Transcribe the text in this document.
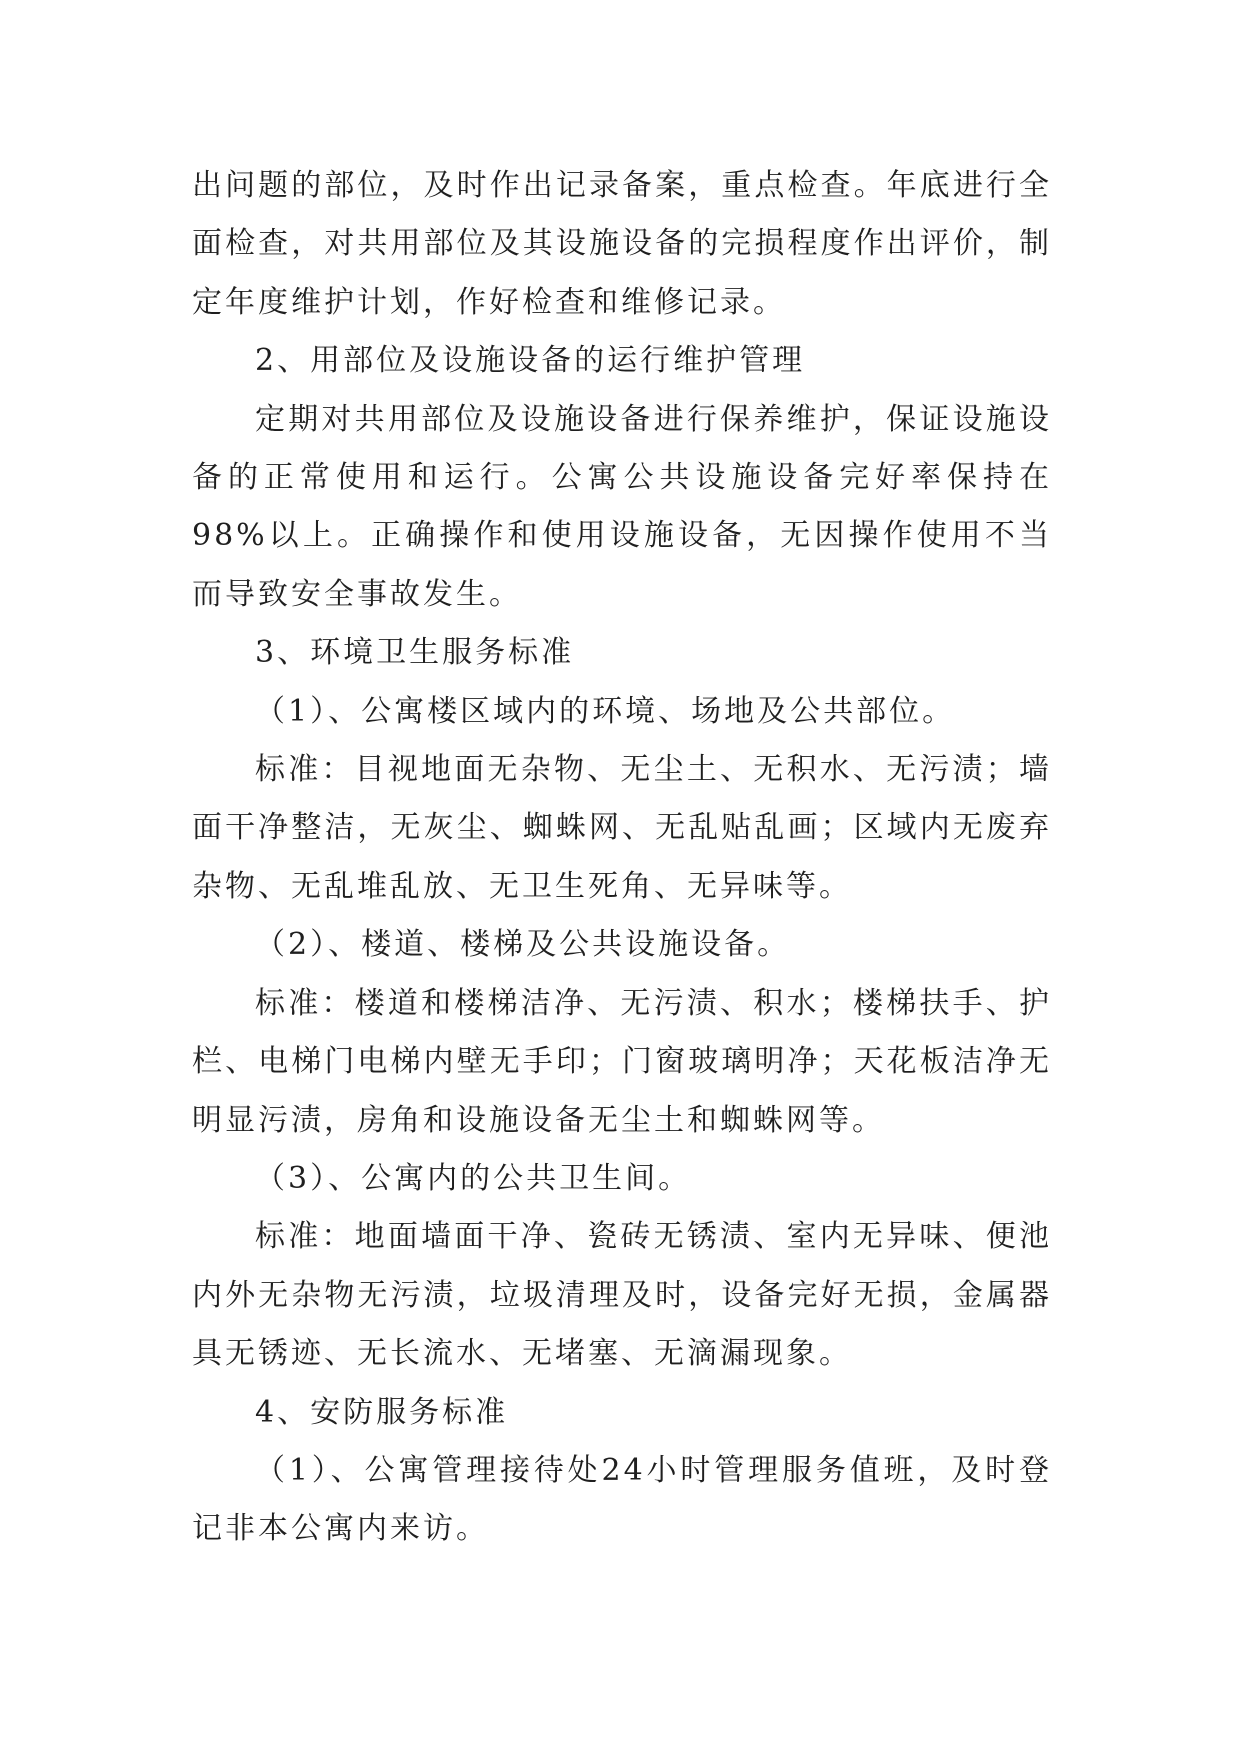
出问题的部位，及时作出记录备案，重点检查。年底进行全面检查，对共用部位及其设施设备的完损程度作出评价，制定年度维护计划，作好检查和维修记录。

2、用部位及设施设备的运行维护管理

定期对共用部位及设施设备进行保养维护，保证设施设备的正常使用和运行。公寓公共设施设备完好率保持在98%以上。正确操作和使用设施设备，无因操作使用不当而导致安全事故发生。

3、环境卫生服务标准

（1）、公寓楼区域内的环境、场地及公共部位。

标准：目视地面无杂物、无尘土、无积水、无污渍；墙面干净整洁，无灰尘、蜘蛛网、无乱贴乱画；区域内无废弃杂物、无乱堆乱放、无卫生死角、无异味等。

（2）、楼道、楼梯及公共设施设备。

标准：楼道和楼梯洁净、无污渍、积水；楼梯扶手、护栏、电梯门电梯内壁无手印；门窗玻璃明净；天花板洁净无明显污渍，房角和设施设备无尘土和蜘蛛网等。

（3）、公寓内的公共卫生间。

标准：地面墙面干净、瓷砖无锈渍、室内无异味、便池内外无杂物无污渍，垃圾清理及时，设备完好无损，金属器具无锈迹、无长流水、无堵塞、无滴漏现象。

4、安防服务标准

（1）、公寓管理接待处24小时管理服务值班，及时登记非本公寓内来访。
